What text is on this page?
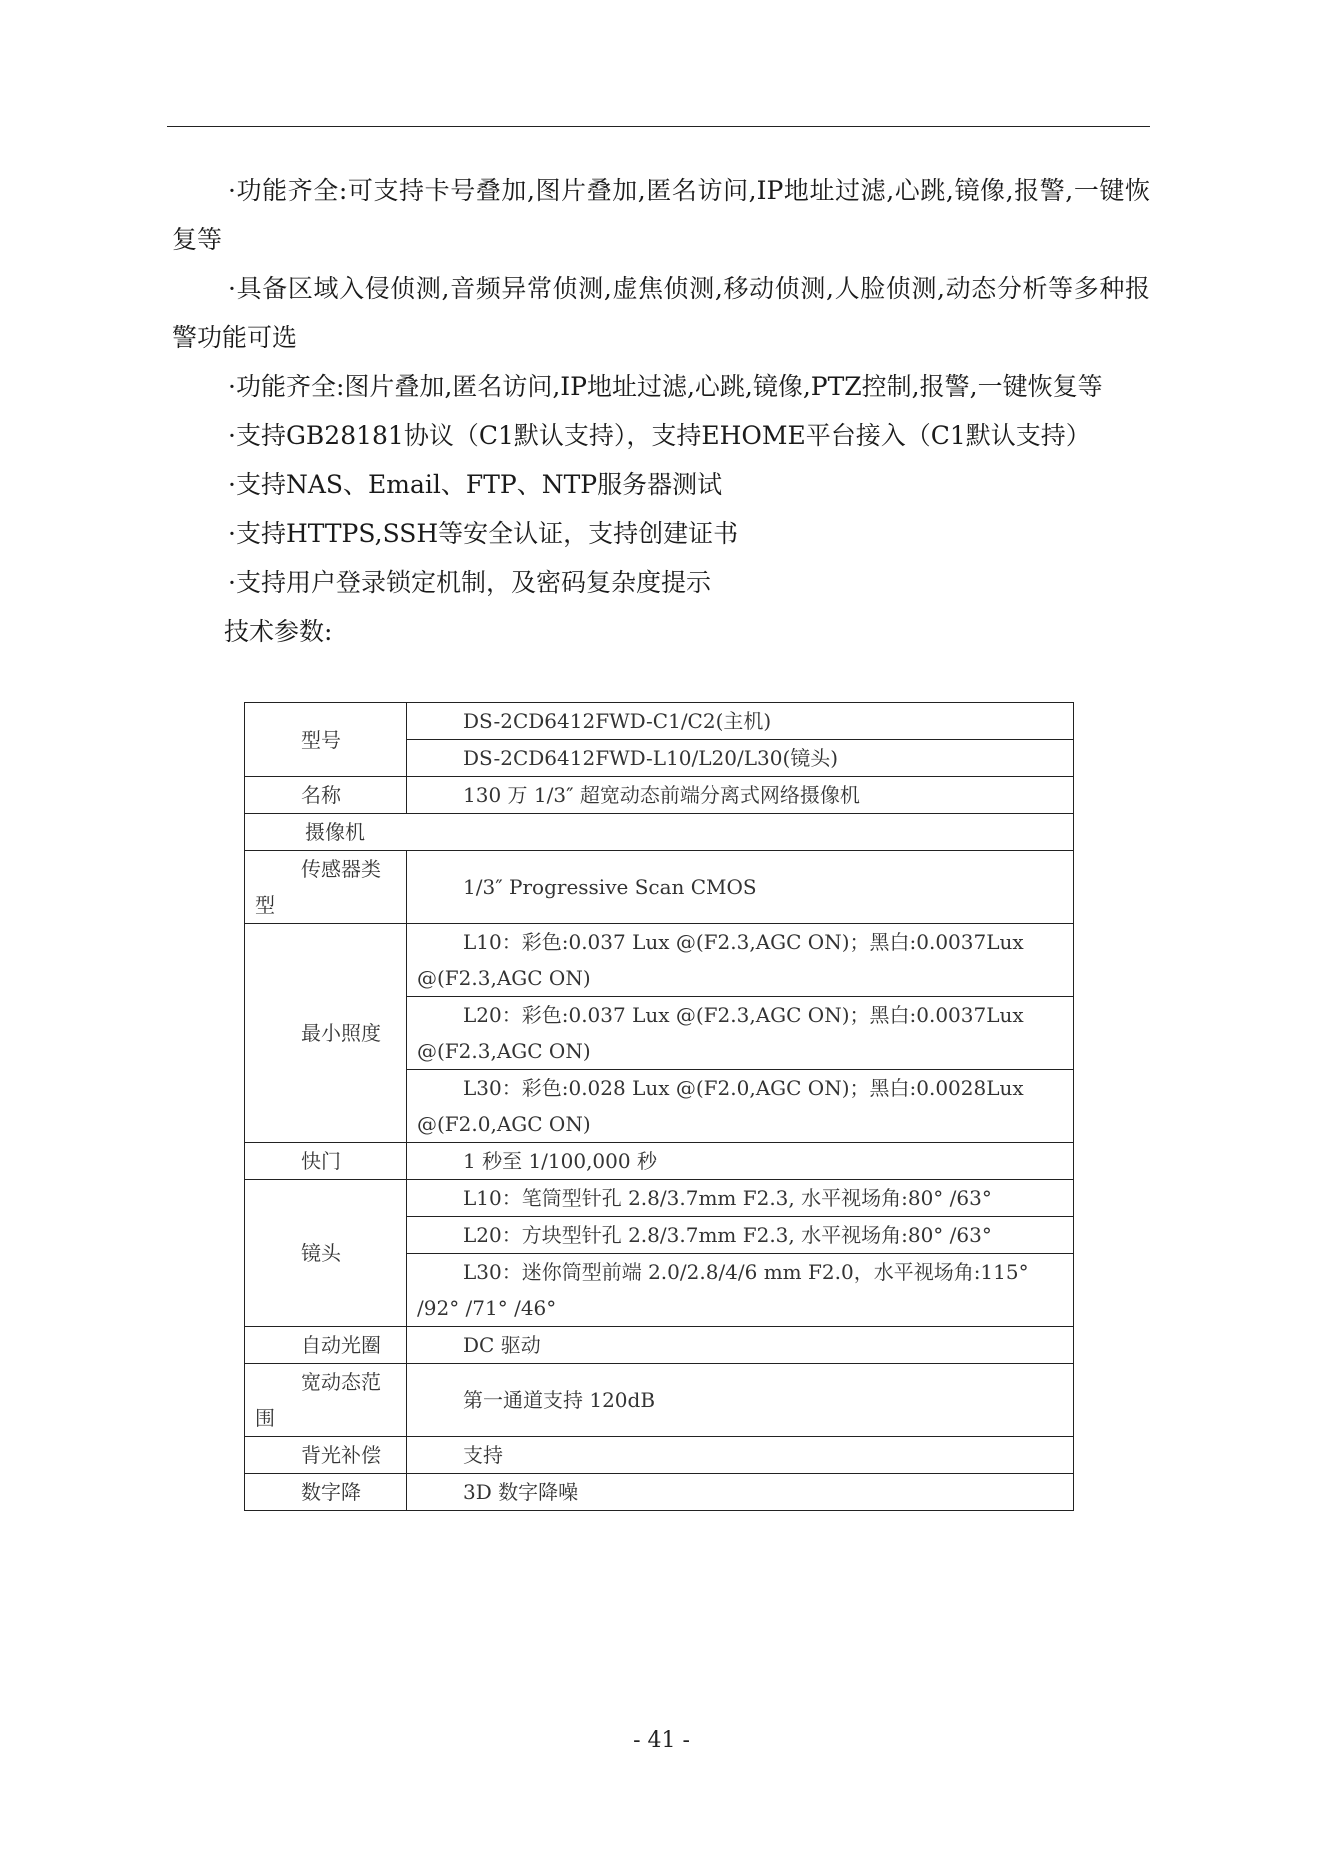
·功能齐全:可支持卡号叠加,图片叠加,匿名访问,IP地址过滤,心跳,镜像,报警,一键恢复等

·具备区域入侵侦测,音频异常侦测,虚焦侦测,移动侦测,人脸侦测,动态分析等多种报警功能可选

·功能齐全:图片叠加,匿名访问,IP地址过滤,心跳,镜像,PTZ控制,报警,一键恢复等

·支持GB28181协议（C1默认支持），支持EHOME平台接入（C1默认支持）

·支持NAS、Email、FTP、NTP服务器测试

·支持HTTPS,SSH等安全认证，支持创建证书

·支持用户登录锁定机制，及密码复杂度提示

技术参数:

型号	DS-2CD6412FWD-C1/C2(主机)
	DS-2CD6412FWD-L10/L20/L30(镜头)
名称	130 万 1/3″ 超宽动态前端分离式网络摄像机
摄像机	
传感器类型	1/3″ Progressive Scan CMOS
最小照度	L10：彩色:0.037 Lux @(F2.3,AGC ON)；黑白:0.0037Lux @(F2.3,AGC ON)
	L20：彩色:0.037 Lux @(F2.3,AGC ON)；黑白:0.0037Lux @(F2.3,AGC ON)
	L30：彩色:0.028 Lux @(F2.0,AGC ON)；黑白:0.0028Lux @(F2.0,AGC ON)
快门	1 秒至 1/100,000 秒
镜头	L10：笔筒型针孔 2.8/3.7mm F2.3, 水平视场角:80° /63°
	L20：方块型针孔 2.8/3.7mm F2.3, 水平视场角:80° /63°
	L30：迷你筒型前端 2.0/2.8/4/6 mm F2.0，水平视场角:115° /92° /71° /46°
自动光圈	DC 驱动
宽动态范围	第一通道支持 120dB
背光补偿	支持
数字降	3D 数字降噪
- 41 -
